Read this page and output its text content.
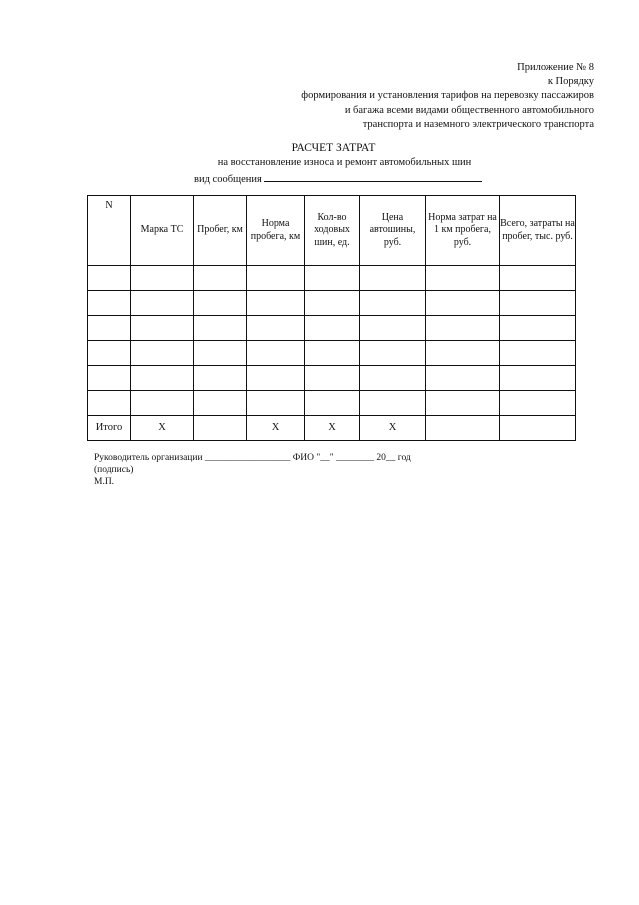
Приложение № 8
к Порядку
формирования и установления тарифов на перевозку пассажиров
и багажа всеми видами общественного автомобильного
транспорта и наземного электрического транспорта
РАСЧЕТ ЗАТРАТ
на восстановление износа и ремонт автомобильных шин
вид сообщения
N	Марка ТС	Пробег, км	Норма пробега, км	Кол-во ходовых шин, ед.	Цена автошины, руб.	Норма затрат на 1 км пробега, руб.	Всего, затраты на пробег, тыс. руб.

Итого	X		X	X	X		
Руководитель организации __________________ ФИО "__" ________ 20__ год
(подпись)
М.П.
